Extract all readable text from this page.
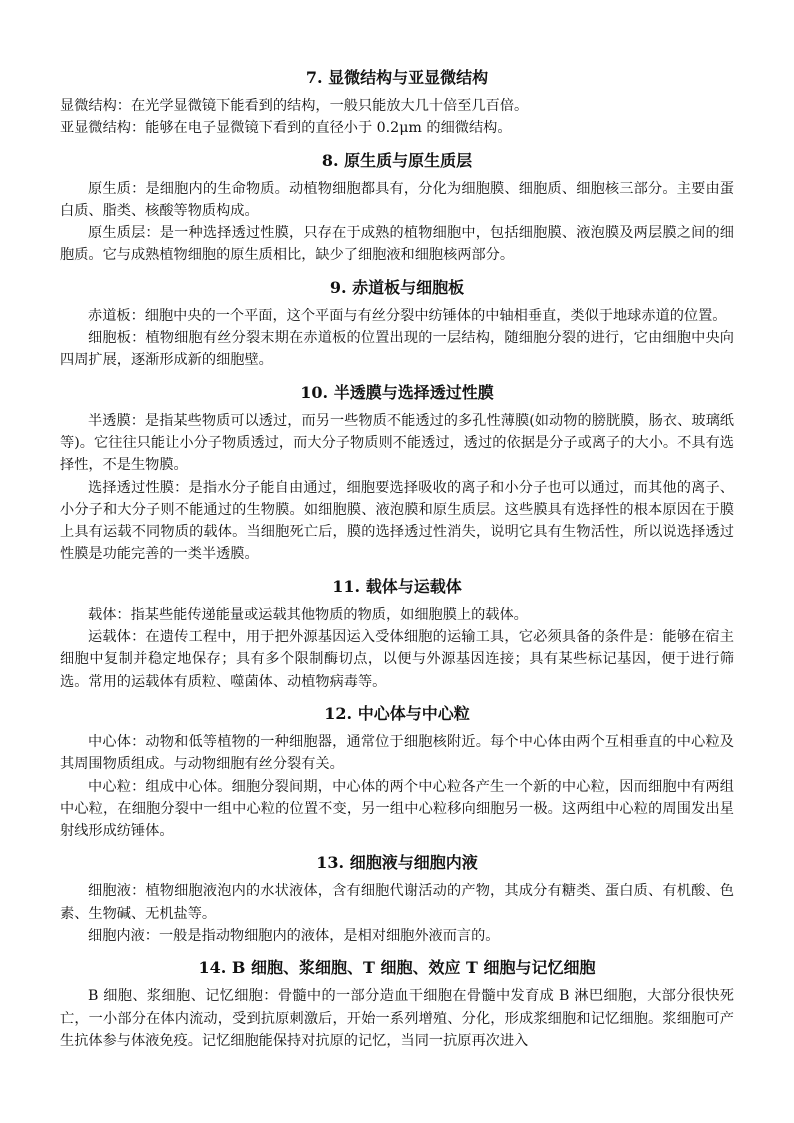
7. 显微结构与亚显微结构

显微结构：在光学显微镜下能看到的结构，一般只能放大几十倍至几百倍。

亚显微结构：能够在电子显微镜下看到的直径小于 0.2μm 的细微结构。

8. 原生质与原生质层

原生质：是细胞内的生命物质。动植物细胞都具有，分化为细胞膜、细胞质、细胞核三部分。主要由蛋白质、脂类、核酸等物质构成。

原生质层：是一种选择透过性膜，只存在于成熟的植物细胞中，包括细胞膜、液泡膜及两层膜之间的细胞质。它与成熟植物细胞的原生质相比，缺少了细胞液和细胞核两部分。

9. 赤道板与细胞板

赤道板：细胞中央的一个平面，这个平面与有丝分裂中纺锤体的中轴相垂直，类似于地球赤道的位置。

细胞板：植物细胞有丝分裂末期在赤道板的位置出现的一层结构，随细胞分裂的进行，它由细胞中央向四周扩展，逐渐形成新的细胞壁。

10. 半透膜与选择透过性膜

半透膜：是指某些物质可以透过，而另一些物质不能透过的多孔性薄膜(如动物的膀胱膜，肠衣、玻璃纸等)。它往往只能让小分子物质透过，而大分子物质则不能透过，透过的依据是分子或离子的大小。不具有选择性，不是生物膜。

选择透过性膜：是指水分子能自由通过，细胞要选择吸收的离子和小分子也可以通过，而其他的离子、小分子和大分子则不能通过的生物膜。如细胞膜、液泡膜和原生质层。这些膜具有选择性的根本原因在于膜上具有运载不同物质的载体。当细胞死亡后，膜的选择透过性消失，说明它具有生物活性，所以说选择透过性膜是功能完善的一类半透膜。

11. 载体与运载体

载体：指某些能传递能量或运载其他物质的物质，如细胞膜上的载体。

运载体：在遗传工程中，用于把外源基因运入受体细胞的运输工具，它必须具备的条件是：能够在宿主细胞中复制并稳定地保存；具有多个限制酶切点，以便与外源基因连接；具有某些标记基因，便于进行筛选。常用的运载体有质粒、噬菌体、动植物病毒等。

12. 中心体与中心粒

中心体：动物和低等植物的一种细胞器，通常位于细胞核附近。每个中心体由两个互相垂直的中心粒及其周围物质组成。与动物细胞有丝分裂有关。

中心粒：组成中心体。细胞分裂间期，中心体的两个中心粒各产生一个新的中心粒，因而细胞中有两组中心粒，在细胞分裂中一组中心粒的位置不变，另一组中心粒移向细胞另一极。这两组中心粒的周围发出星射线形成纺锤体。

13. 细胞液与细胞内液

细胞液：植物细胞液泡内的水状液体，含有细胞代谢活动的产物，其成分有糖类、蛋白质、有机酸、色素、生物碱、无机盐等。

细胞内液：一般是指动物细胞内的液体，是相对细胞外液而言的。

14. B 细胞、浆细胞、T 细胞、效应 T 细胞与记忆细胞

B 细胞、浆细胞、记忆细胞：骨髓中的一部分造血干细胞在骨髓中发育成 B 淋巴细胞，大部分很快死亡，一小部分在体内流动，受到抗原刺激后，开始一系列增殖、分化，形成浆细胞和记忆细胞。浆细胞可产生抗体参与体液免疫。记忆细胞能保持对抗原的记忆，当同一抗原再次进入
